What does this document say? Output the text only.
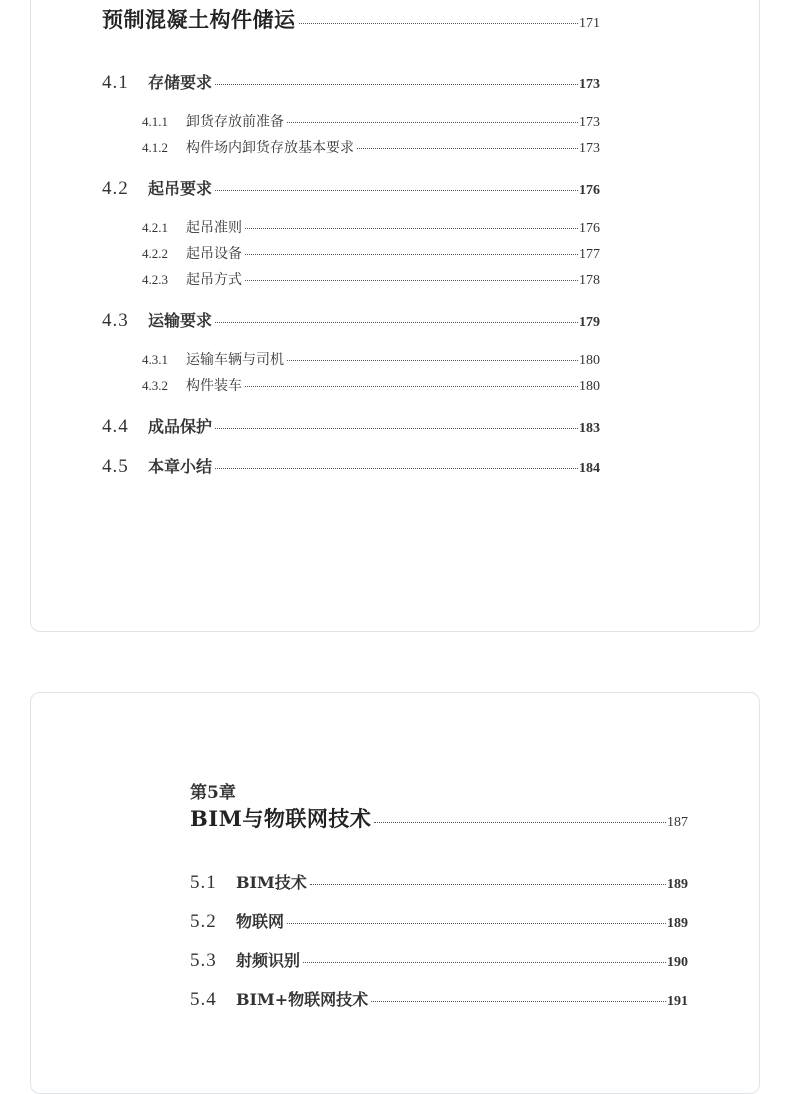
预制混凝土构件储运	171
4.1 存储要求	173
4.1.1 卸货存放前准备	173
4.1.2 构件场内卸货存放基本要求	173
4.2 起吊要求	176
4.2.1 起吊准则	176
4.2.2 起吊设备	177
4.2.3 起吊方式	178
4.3 运输要求	179
4.3.1 运输车辆与司机	180
4.3.2 构件装车	180
4.4 成品保护	183
4.5 本章小结	184
第5章
BIM与物联网技术	187
5.1 BIM技术	189
5.2 物联网	189
5.3 射频识别	190
5.4 BIM+物联网技术	191
